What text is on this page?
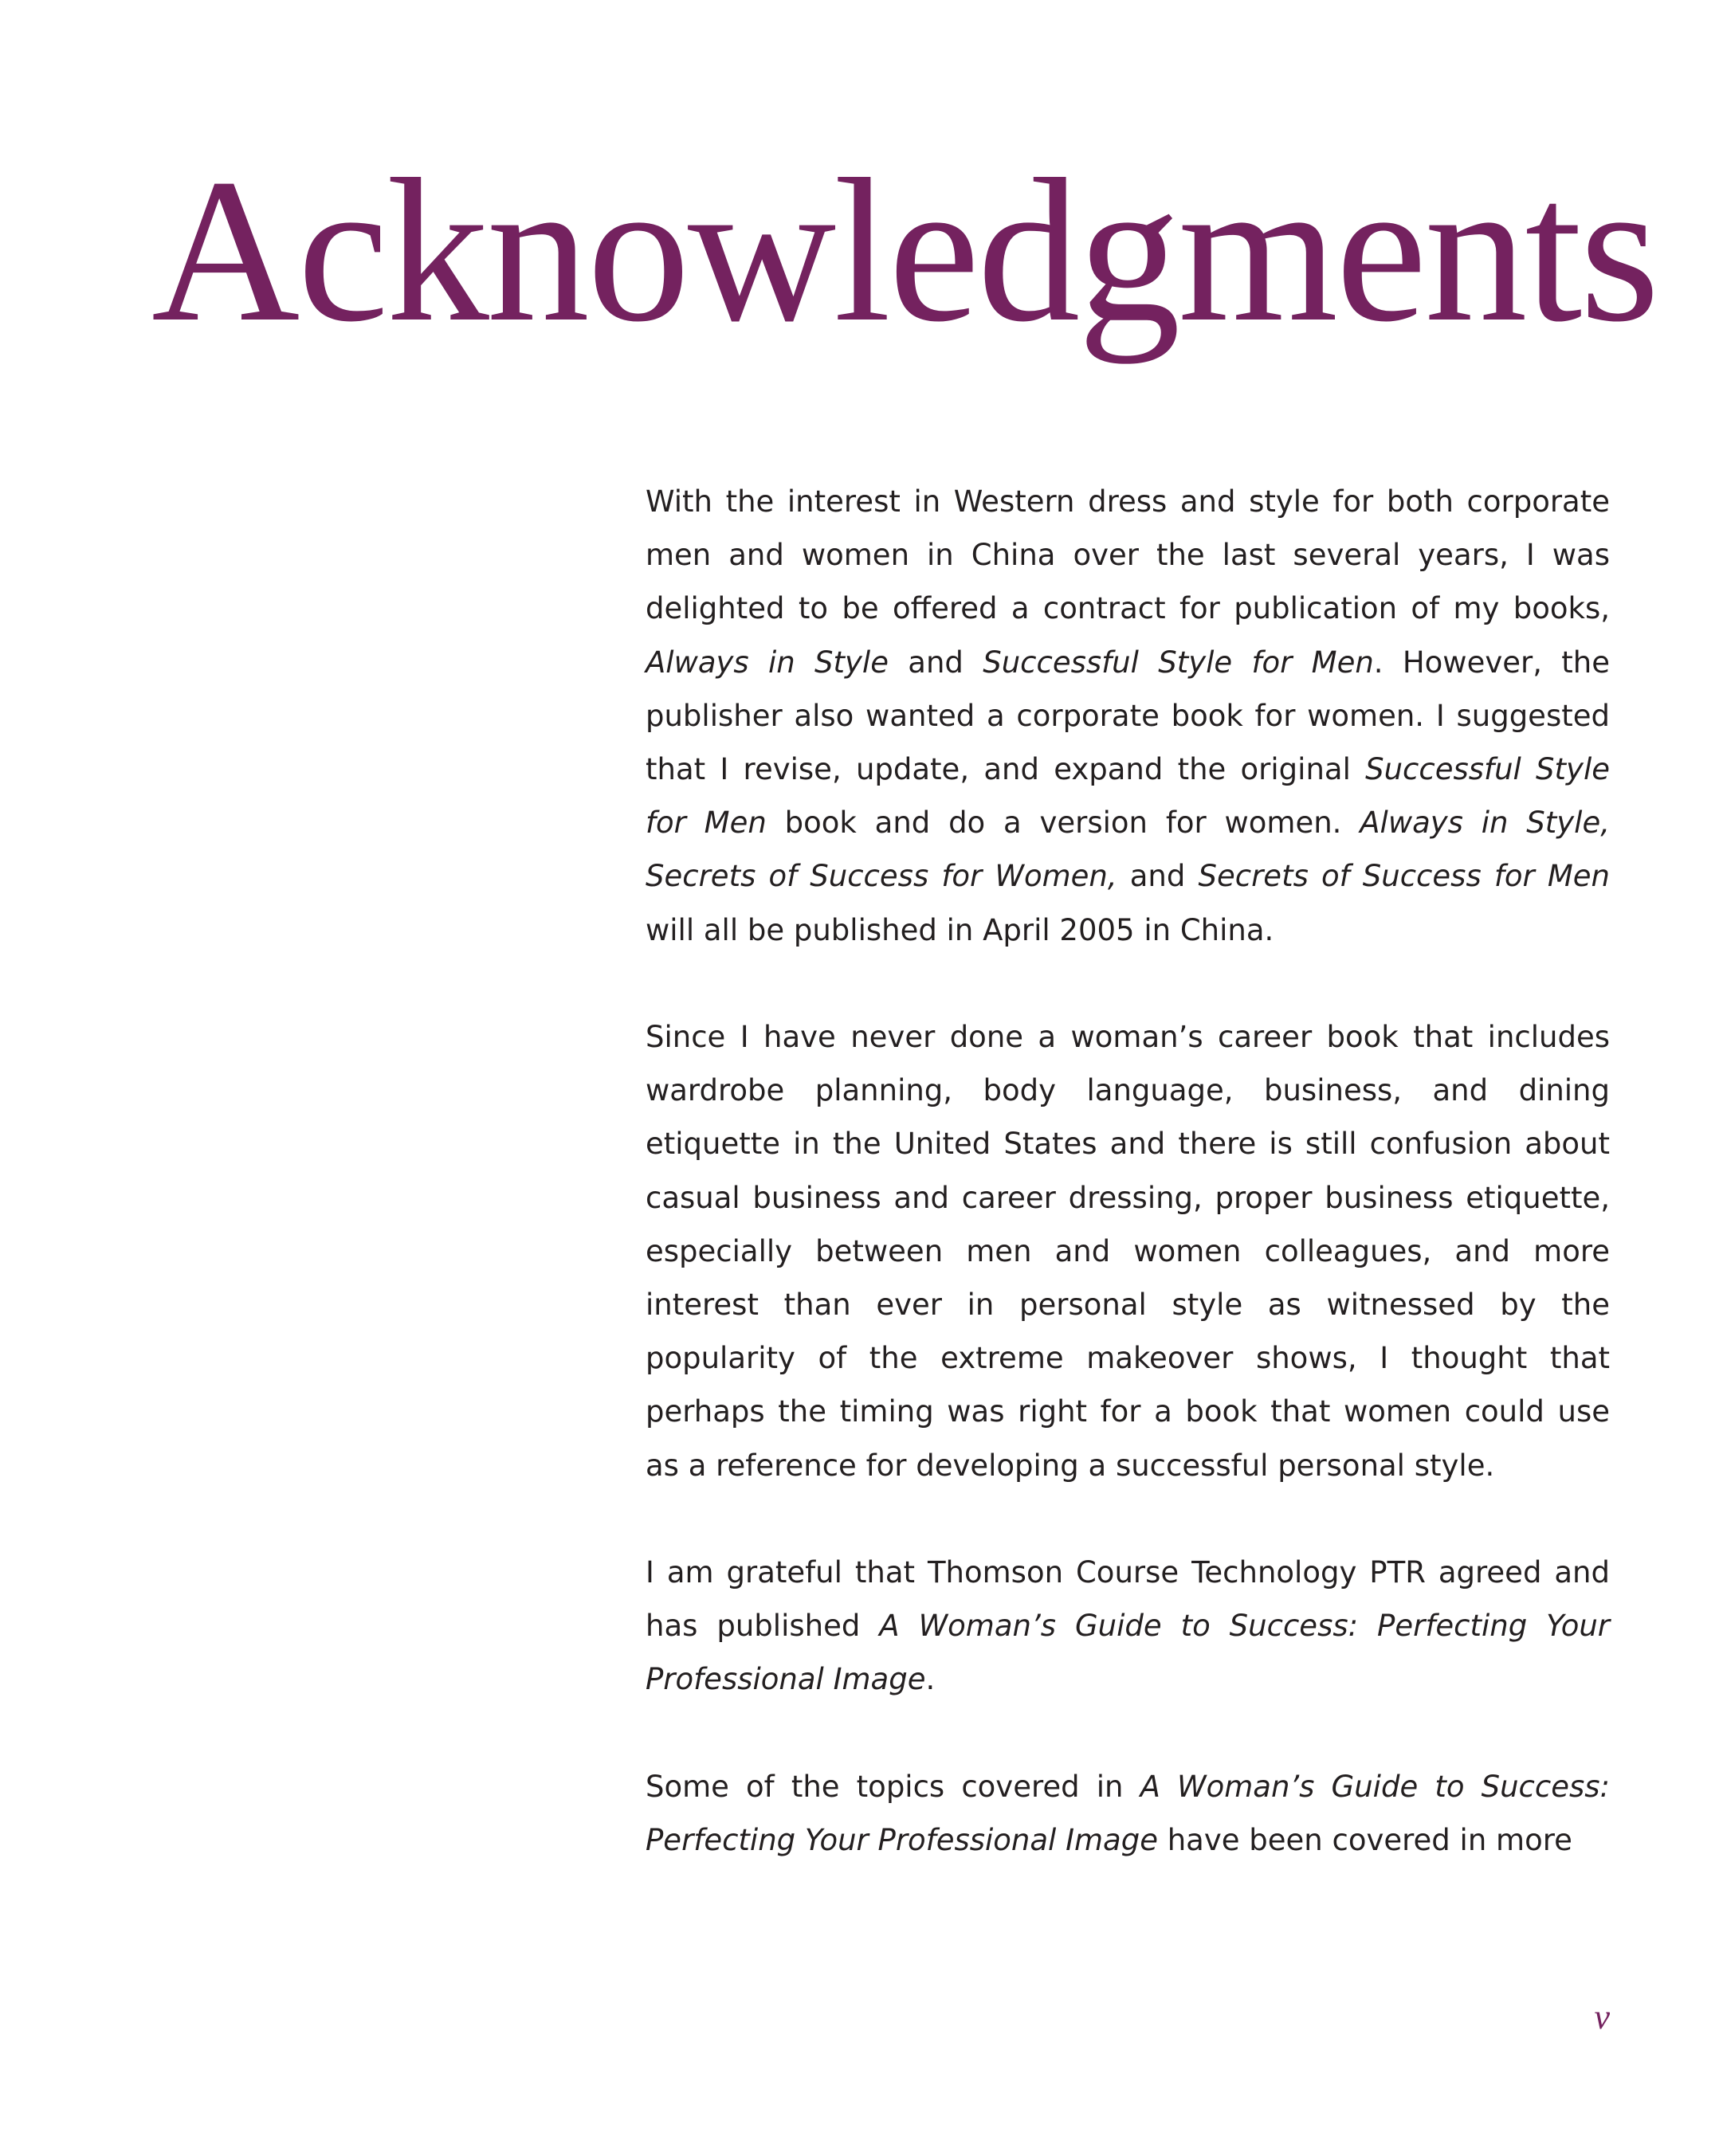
Acknowledgments

With the interest in Western dress and style for both corporate men and women in China over the last several years, I was delighted to be offered a contract for publication of my books, Always in Style and Successful Style for Men. However, the publisher also wanted a corporate book for women. I suggested that I revise, update, and expand the original Successful Style for Men book and do a version for women. Always in Style, Secrets of Success for Women, and Secrets of Success for Men will all be published in April 2005 in China.

Since I have never done a woman’s career book that includes wardrobe planning, body language, business, and dining etiquette in the United States and there is still confusion about casual business and career dressing, proper business etiquette, especially between men and women colleagues, and more interest than ever in personal style as witnessed by the popularity of the extreme makeover shows, I thought that perhaps the timing was right for a book that women could use as a reference for developing a successful personal style.

I am grateful that Thomson Course Technology PTR agreed and has published A Woman’s Guide to Success: Perfecting Your Professional Image.

Some of the topics covered in A Woman’s Guide to Success: Perfecting Your Professional Image have been covered in more

v
